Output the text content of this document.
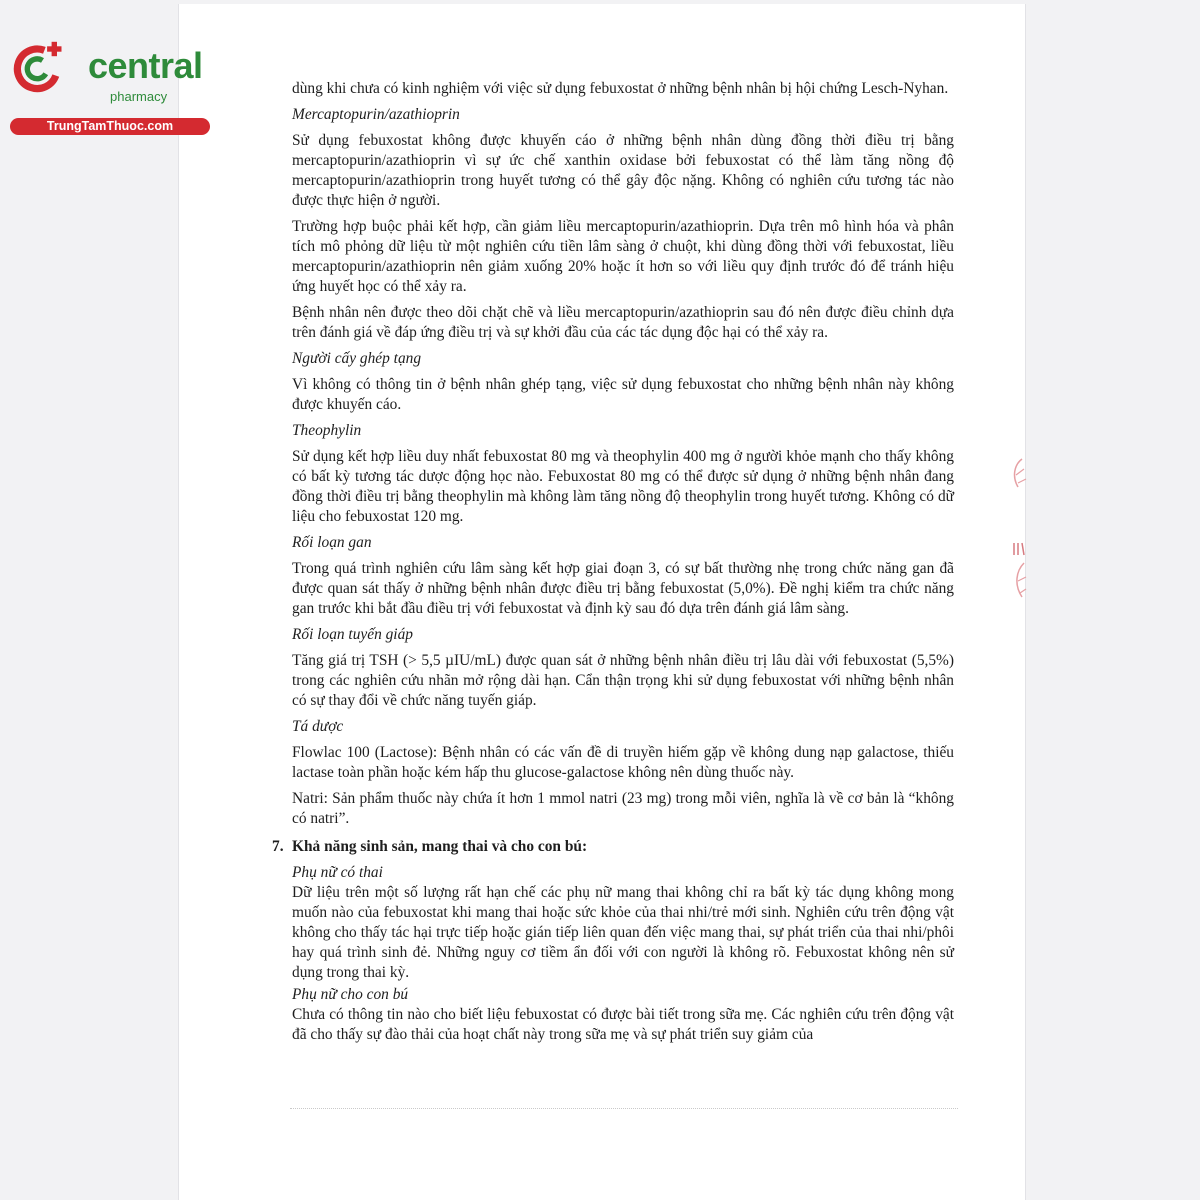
central
pharmacy
TrungTamThuoc.com

dùng khi chưa có kinh nghiệm với việc sử dụng febuxostat ở những bệnh nhân bị hội chứng Lesch-Nyhan.

Mercaptopurin/azathioprin

Sử dụng febuxostat không được khuyến cáo ở những bệnh nhân dùng đồng thời điều trị bằng mercaptopurin/azathioprin vì sự ức chế xanthin oxidase bởi febuxostat có thể làm tăng nồng độ mercaptopurin/azathioprin trong huyết tương có thể gây độc nặng. Không có nghiên cứu tương tác nào được thực hiện ở người.

Trường hợp buộc phải kết hợp, cần giảm liều mercaptopurin/azathioprin. Dựa trên mô hình hóa và phân tích mô phỏng dữ liệu từ một nghiên cứu tiền lâm sàng ở chuột, khi dùng đồng thời với febuxostat, liều mercaptopurin/azathioprin nên giảm xuống 20% hoặc ít hơn so với liều quy định trước đó để tránh hiệu ứng huyết học có thể xảy ra.

Bệnh nhân nên được theo dõi chặt chẽ và liều mercaptopurin/azathioprin sau đó nên được điều chỉnh dựa trên đánh giá về đáp ứng điều trị và sự khởi đầu của các tác dụng độc hại có thể xảy ra.

Người cấy ghép tạng

Vì không có thông tin ở bệnh nhân ghép tạng, việc sử dụng febuxostat cho những bệnh nhân này không được khuyến cáo.

Theophylin

Sử dụng kết hợp liều duy nhất febuxostat 80 mg và theophylin 400 mg ở người khỏe mạnh cho thấy không có bất kỳ tương tác dược động học nào. Febuxostat 80 mg có thể được sử dụng ở những bệnh nhân đang đồng thời điều trị bằng theophylin mà không làm tăng nồng độ theophylin trong huyết tương. Không có dữ liệu cho febuxostat 120 mg.

Rối loạn gan

Trong quá trình nghiên cứu lâm sàng kết hợp giai đoạn 3, có sự bất thường nhẹ trong chức năng gan đã được quan sát thấy ở những bệnh nhân được điều trị bằng febuxostat (5,0%). Đề nghị kiểm tra chức năng gan trước khi bắt đầu điều trị với febuxostat và định kỳ sau đó dựa trên đánh giá lâm sàng.

Rối loạn tuyến giáp

Tăng giá trị TSH (> 5,5 µIU/mL) được quan sát ở những bệnh nhân điều trị lâu dài với febuxostat (5,5%) trong các nghiên cứu nhãn mở rộng dài hạn. Cẩn thận trọng khi sử dụng febuxostat với những bệnh nhân có sự thay đổi về chức năng tuyến giáp.

Tá dược

Flowlac 100 (Lactose): Bệnh nhân có các vấn đề di truyền hiếm gặp về không dung nạp galactose, thiếu lactase toàn phần hoặc kém hấp thu glucose-galactose không nên dùng thuốc này.

Natri: Sản phẩm thuốc này chứa ít hơn 1 mmol natri (23 mg) trong mỗi viên, nghĩa là về cơ bản là “không có natri”.

7. Khả năng sinh sản, mang thai và cho con bú:
Phụ nữ có thai

Dữ liệu trên một số lượng rất hạn chế các phụ nữ mang thai không chỉ ra bất kỳ tác dụng không mong muốn nào của febuxostat khi mang thai hoặc sức khỏe của thai nhi/trẻ mới sinh. Nghiên cứu trên động vật không cho thấy tác hại trực tiếp hoặc gián tiếp liên quan đến việc mang thai, sự phát triển của thai nhi/phôi hay quá trình sinh đẻ. Những nguy cơ tiềm ẩn đối với con người là không rõ. Febuxostat không nên sử dụng trong thai kỳ.

Phụ nữ cho con bú

Chưa có thông tin nào cho biết liệu febuxostat có được bài tiết trong sữa mẹ. Các nghiên cứu trên động vật đã cho thấy sự đào thải của hoạt chất này trong sữa mẹ và sự phát triển suy giảm của
